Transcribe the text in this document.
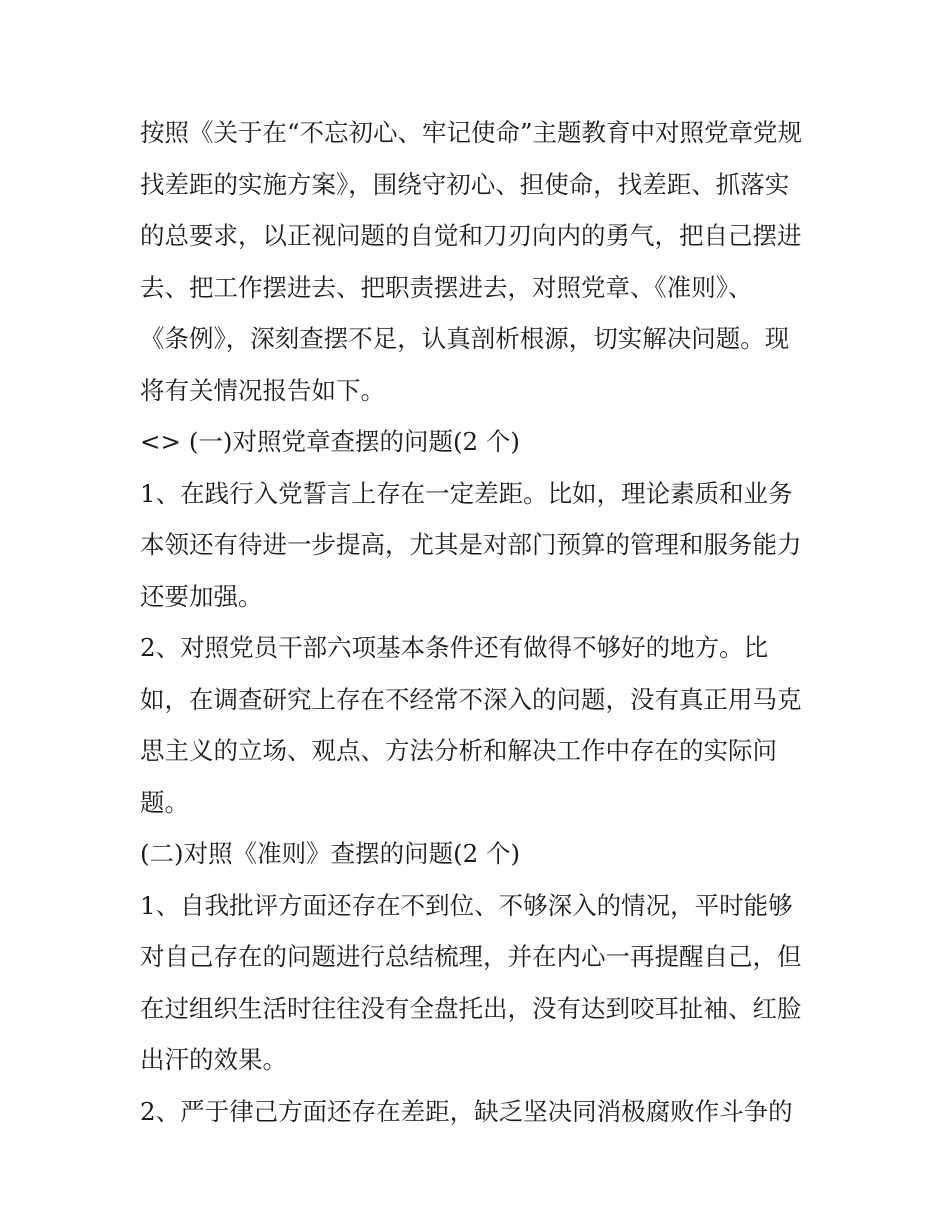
按照《关于在“不忘初心、牢记使命”主题教育中对照党章党规
找差距的实施方案》，围绕守初心、担使命，找差距、抓落实
的总要求，以正视问题的自觉和刀刃向内的勇气，把自己摆进
去、把工作摆进去、把职责摆进去，对照党章、《准则》、
《条例》，深刻查摆不足，认真剖析根源，切实解决问题。现
将有关情况报告如下。
<> (一)对照党章查摆的问题(2 个)
1、在践行入党誓言上存在一定差距。比如，理论素质和业务
本领还有待进一步提高，尤其是对部门预算的管理和服务能力
还要加强。
2、对照党员干部六项基本条件还有做得不够好的地方。比
如，在调查研究上存在不经常不深入的问题，没有真正用马克
思主义的立场、观点、方法分析和解决工作中存在的实际问
题。
(二)对照《准则》查摆的问题(2 个)
1、自我批评方面还存在不到位、不够深入的情况，平时能够
对自己存在的问题进行总结梳理，并在内心一再提醒自己，但
在过组织生活时往往没有全盘托出，没有达到咬耳扯袖、红脸
出汗的效果。
2、严于律己方面还存在差距，缺乏坚决同消极腐败作斗争的
